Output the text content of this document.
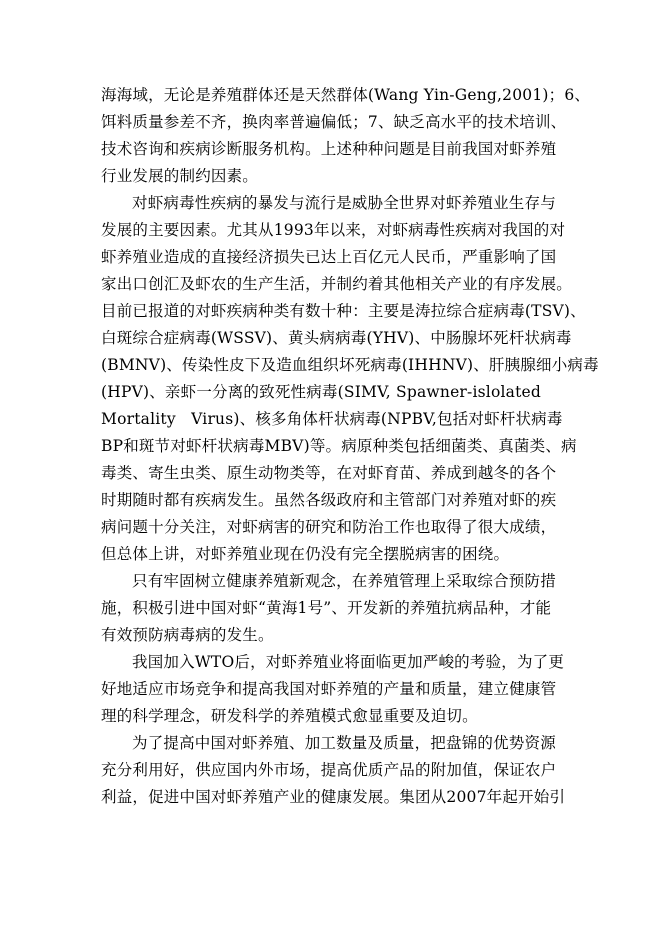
海海域，无论是养殖群体还是天然群体(Wang Yin-Geng,2001)；6、
饵料质量参差不齐，换肉率普遍偏低；7、缺乏高水平的技术培训、
技术咨询和疾病诊断服务机构。上述种种问题是目前我国对虾养殖
行业发展的制约因素。
对虾病毒性疾病的暴发与流行是威胁全世界对虾养殖业生存与
发展的主要因素。尤其从1993年以来，对虾病毒性疾病对我国的对
虾养殖业造成的直接经济损失已达上百亿元人民币，严重影响了国
家出口创汇及虾农的生产生活，并制约着其他相关产业的有序发展。
目前已报道的对虾疾病种类有数十种：主要是涛拉综合症病毒(TSV)、
白斑综合症病毒(WSSV)、黄头病病毒(YHV)、中肠腺坏死杆状病毒
(BMNV)、传染性皮下及造血组织坏死病毒(IHHNV)、肝胰腺细小病毒
(HPV)、亲虾一分离的致死性病毒(SIMV, Spawner-islolated
Mortality   Virus)、核多角体杆状病毒(NPBV,包括对虾杆状病毒
BP和斑节对虾杆状病毒MBV)等。病原种类包括细菌类、真菌类、病
毒类、寄生虫类、原生动物类等，在对虾育苗、养成到越冬的各个
时期随时都有疾病发生。虽然各级政府和主管部门对养殖对虾的疾
病问题十分关注，对虾病害的研究和防治工作也取得了很大成绩，
但总体上讲，对虾养殖业现在仍没有完全摆脱病害的困绕。
只有牢固树立健康养殖新观念，在养殖管理上采取综合预防措
施，积极引进中国对虾“黄海1号”、开发新的养殖抗病品种，才能
有效预防病毒病的发生。
我国加入WTO后，对虾养殖业将面临更加严峻的考验，为了更
好地适应市场竞争和提高我国对虾养殖的产量和质量，建立健康管
理的科学理念，研发科学的养殖模式愈显重要及迫切。
为了提高中国对虾养殖、加工数量及质量，把盘锦的优势资源
充分利用好，供应国内外市场，提高优质产品的附加值，保证农户
利益，促进中国对虾养殖产业的健康发展。集团从2007年起开始引
